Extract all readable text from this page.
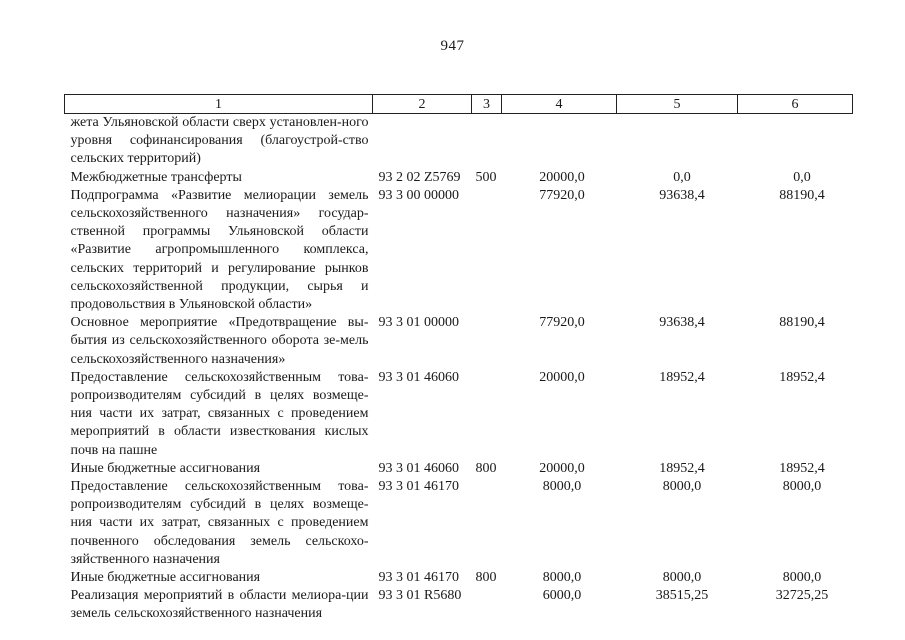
947
1	2	3	4	5	6
жета Ульяновской области сверх установлен-ного уровня софинансирования (благоустрой-ство сельских территорий)					
Межбюджетные трансферты	93 2 02 Z5769	500	20000,0	0,0	0,0
Подпрограмма «Развитие мелиорации земель сельскохозяйственного назначения» государ-ственной программы Ульяновской области «Развитие агропромышленного комплекса, сельских территорий и регулирование рынков сельскохозяйственной продукции, сырья и продовольствия в Ульяновской области»	93 3 00 00000		77920,0	93638,4	88190,4
Основное мероприятие «Предотвращение вы-бытия из сельскохозяйственного оборота зе-мель сельскохозяйственного назначения»	93 3 01 00000		77920,0	93638,4	88190,4
Предоставление сельскохозяйственным това-ропроизводителям субсидий в целях возмеще-ния части их затрат, связанных с проведением мероприятий в области известкования кислых почв на пашне	93 3 01 46060		20000,0	18952,4	18952,4
Иные бюджетные ассигнования	93 3 01 46060	800	20000,0	18952,4	18952,4
Предоставление сельскохозяйственным това-ропроизводителям субсидий в целях возмеще-ния части их затрат, связанных с проведением почвенного обследования земель сельскохо-зяйственного назначения	93 3 01 46170		8000,0	8000,0	8000,0
Иные бюджетные ассигнования	93 3 01 46170	800	8000,0	8000,0	8000,0
Реализация мероприятий в области мелиора-ции земель сельскохозяйственного назначения	93 3 01 R5680		6000,0	38515,25	32725,25
